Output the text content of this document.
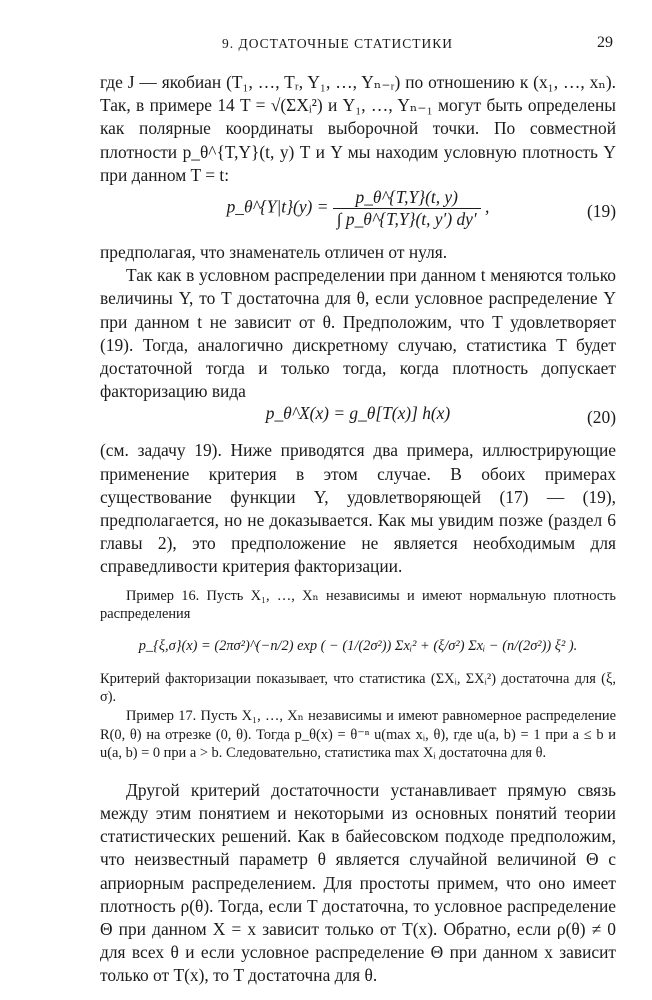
9. ДОСТАТОЧНЫЕ СТАТИСТИКИ	29

где J — якобиан (T₁, …, Tᵣ, Y₁, …, Yₙ₋ᵣ) по отношению к (x₁, …, xₙ). Так, в примере 14 T = √(ΣXᵢ²) и Y₁, …, Yₙ₋₁ могут быть определены как полярные координаты выборочной точки. По совместной плотности p_θ^{T,Y}(t, y) T и Y мы находим условную плотность Y при данном T = t:

p_θ^{Y|t}(y) = $\frac{p\_\theta\^{}\{T,Y\}(t, y)}{\int p\_\theta\^{}\{T,Y\}(t, y') dy'}$ ,	(19)

предполагая, что знаменатель отличен от нуля.

Так как в условном распределении при данном t меняются только величины Y, то T достаточна для θ, если условное распределение Y при данном t не зависит от θ. Предположим, что T удовлетворяет (19). Тогда, аналогично дискретному случаю, статистика T будет достаточной тогда и только тогда, когда плотность допускает факторизацию вида

p_θ^X(x) = g_θ[T(x)] h(x)	(20)

(см. задачу 19). Ниже приводятся два примера, иллюстрирующие применение критерия в этом случае. В обоих примерах существование функции Y, удовлетворяющей (17) — (19), предполагается, но не доказывается. Как мы увидим позже (раздел 6 главы 2), это предположение не является необходимым для справедливости критерия факторизации.

Пример 16. Пусть X₁, …, Xₙ независимы и имеют нормальную плотность распределения

p_{ξ,σ}(x) = (2πσ²)^(−n/2) exp ( − (1/(2σ²)) Σxᵢ² + (ξ/σ²) Σxᵢ − (n/(2σ²)) ξ² ).

Критерий факторизации показывает, что статистика (ΣXᵢ, ΣXᵢ²) достаточна для (ξ, σ).

Пример 17. Пусть X₁, …, Xₙ независимы и имеют равномерное распределение R(0, θ) на отрезке (0, θ). Тогда p_θ(x) = θ⁻ⁿ u(max xᵢ, θ), где u(a, b) = 1 при a ≤ b и u(a, b) = 0 при a > b. Следовательно, статистика max Xᵢ достаточна для θ.

Другой критерий достаточности устанавливает прямую связь между этим понятием и некоторыми из основных понятий теории статистических решений. Как в байесовском подходе предположим, что неизвестный параметр θ является случайной величиной Θ с априорным распределением. Для простоты примем, что оно имеет плотность ρ(θ). Тогда, если T достаточна, то условное распределение Θ при данном X = x зависит только от T(x). Обратно, если ρ(θ) ≠ 0 для всех θ и если условное распределение Θ при данном x зависит только от T(x), то T достаточна для θ.
